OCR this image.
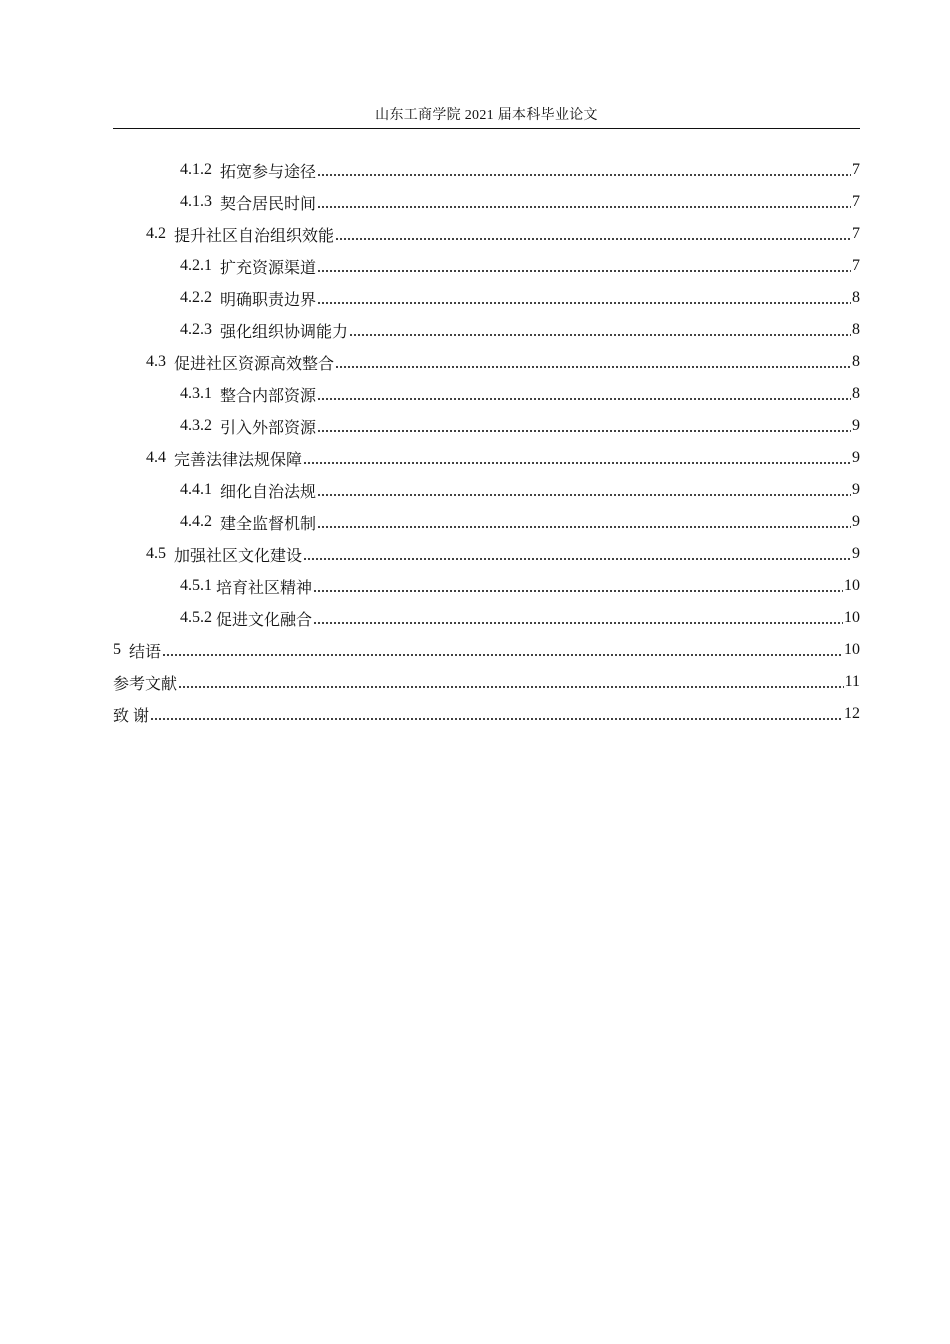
山东工商学院 2021 届本科毕业论文
4.1.2 拓宽参与途径	7
4.1.3 契合居民时间	7
4.2 提升社区自治组织效能	7
4.2.1 扩充资源渠道	7
4.2.2 明确职责边界	8
4.2.3 强化组织协调能力	8
4.3 促进社区资源高效整合	8
4.3.1 整合内部资源	8
4.3.2 引入外部资源	9
4.4 完善法律法规保障	9
4.4.1 细化自治法规	9
4.4.2 建全监督机制	9
4.5 加强社区文化建设	9
4.5.1 培育社区精神	10
4.5.2 促进文化融合	10
5 结语	10
参考文献	11
致 谢	12
